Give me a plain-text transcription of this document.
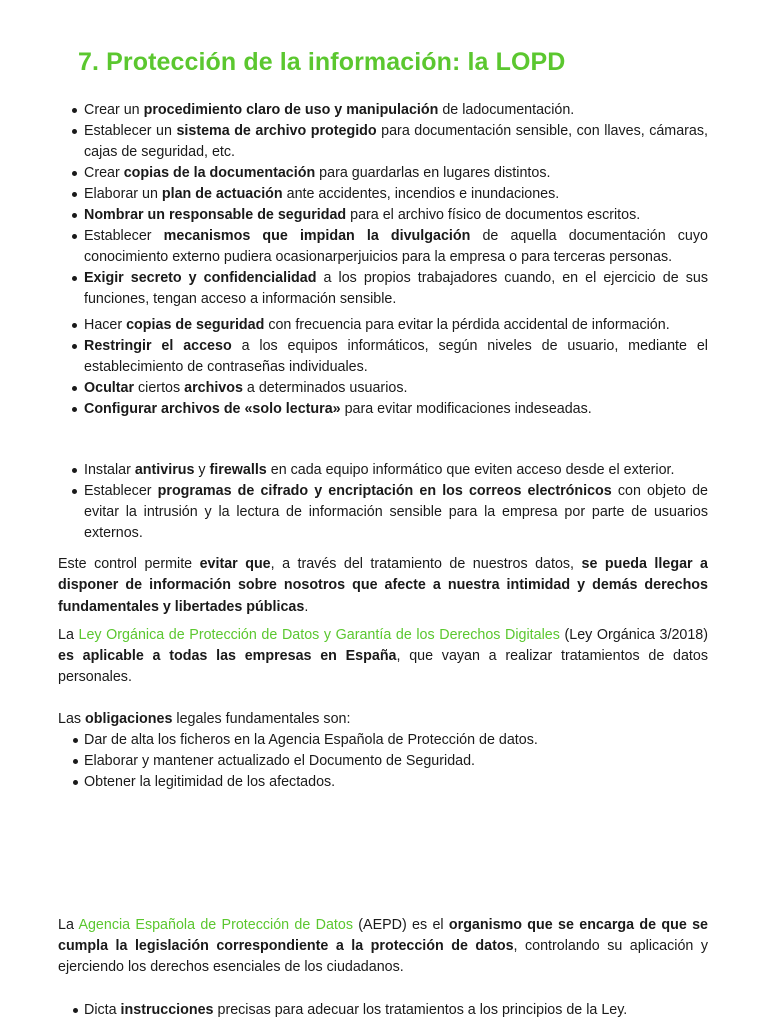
7. Protección de la información: la LOPD
Crear un procedimiento claro de uso y manipulación de ladocumentación.
Establecer un sistema de archivo protegido para documentación sensible, con llaves, cámaras, cajas de seguridad, etc.
Crear copias de la documentación para guardarlas en lugares distintos.
Elaborar un plan de actuación ante accidentes, incendios e inundaciones.
Nombrar un responsable de seguridad para el archivo físico de documentos escritos.
Establecer mecanismos que impidan la divulgación de aquella documentación cuyo conocimiento externo pudiera ocasionarperjuicios para la empresa o para terceras personas.
Exigir secreto y confidencialidad a los propios trabajadores cuando, en el ejercicio de sus funciones, tengan acceso a información sensible.
Hacer copias de seguridad con frecuencia para evitar la pérdida accidental de información.
Restringir el acceso a los equipos informáticos, según niveles de usuario, mediante el establecimiento de contraseñas individuales.
Ocultar ciertos archivos a determinados usuarios.
Configurar archivos de «solo lectura» para evitar modificaciones indeseadas.
Instalar antivirus y firewalls en cada equipo informático que eviten acceso desde el exterior.
Establecer programas de cifrado y encriptación en los correos electrónicos con objeto de evitar la intrusión y la lectura de información sensible para la empresa por parte de usuarios externos.

Este control permite evitar que, a través del tratamiento de nuestros datos, se pueda llegar a disponer de información sobre nosotros que afecte a nuestra intimidad y demás derechos fundamentales y libertades públicas.

La Ley Orgánica de Protección de Datos y Garantía de los Derechos Digitales (Ley Orgánica 3/2018) es aplicable a todas las empresas en España, que vayan a realizar tratamientos de datos personales.

Las obligaciones legales fundamentales son:

Dar de alta los ficheros en la Agencia Española de Protección de datos.
Elaborar y mantener actualizado el Documento de Seguridad.
Obtener la legitimidad de los afectados.

La Agencia Española de Protección de Datos (AEPD) es el organismo que se encarga de que se cumpla la legislación correspondiente a la protección de datos, controlando su aplicación y ejerciendo los derechos esenciales de los ciudadanos.

Dicta instrucciones precisas para adecuar los tratamientos a los principios de la Ley.
